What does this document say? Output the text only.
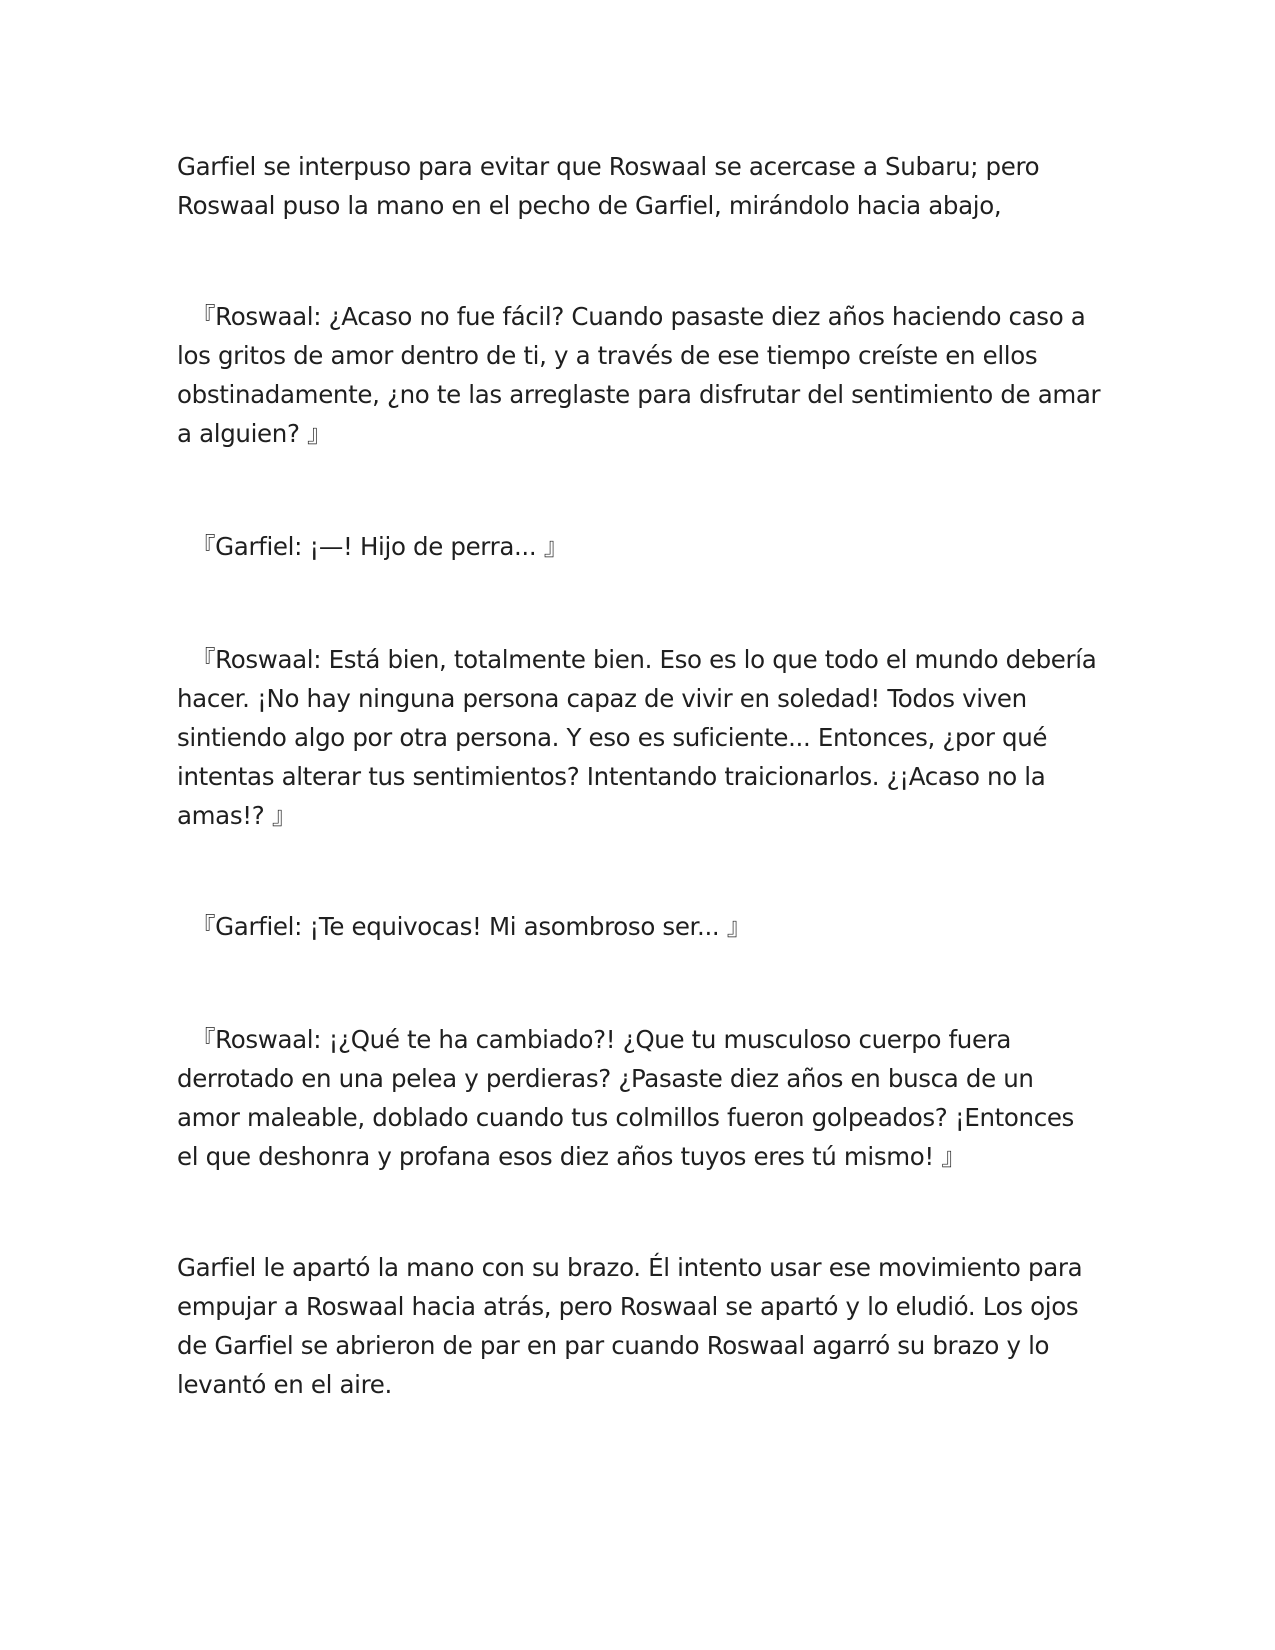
Garfiel se interpuso para evitar que Roswaal se acercase a Subaru; pero Roswaal puso la mano en el pecho de Garfiel, mirándolo hacia abajo,

『Roswaal: ¿Acaso no fue fácil? Cuando pasaste diez años haciendo caso a los gritos de amor dentro de ti, y a través de ese tiempo creíste en ellos obstinadamente, ¿no te las arreglaste para disfrutar del sentimiento de amar a alguien? 』

『Garfiel: ¡—! Hijo de perra... 』

『Roswaal: Está bien, totalmente bien. Eso es lo que todo el mundo debería hacer. ¡No hay ninguna persona capaz de vivir en soledad! Todos viven sintiendo algo por otra persona. Y eso es suficiente... Entonces, ¿por qué intentas alterar tus sentimientos? Intentando traicionarlos. ¿¡Acaso no la amas!? 』

『Garfiel: ¡Te equivocas! Mi asombroso ser... 』

『Roswaal: ¡¿Qué te ha cambiado?! ¿Que tu musculoso cuerpo fuera derrotado en una pelea y perdieras? ¿Pasaste diez años en busca de un amor maleable, doblado cuando tus colmillos fueron golpeados? ¡Entonces el que deshonra y profana esos diez años tuyos eres tú mismo! 』

Garfiel le apartó la mano con su brazo. Él intento usar ese movimiento para empujar a Roswaal hacia atrás, pero Roswaal se apartó y lo eludió. Los ojos de Garfiel se abrieron de par en par cuando Roswaal agarró su brazo y lo levantó en el aire.
